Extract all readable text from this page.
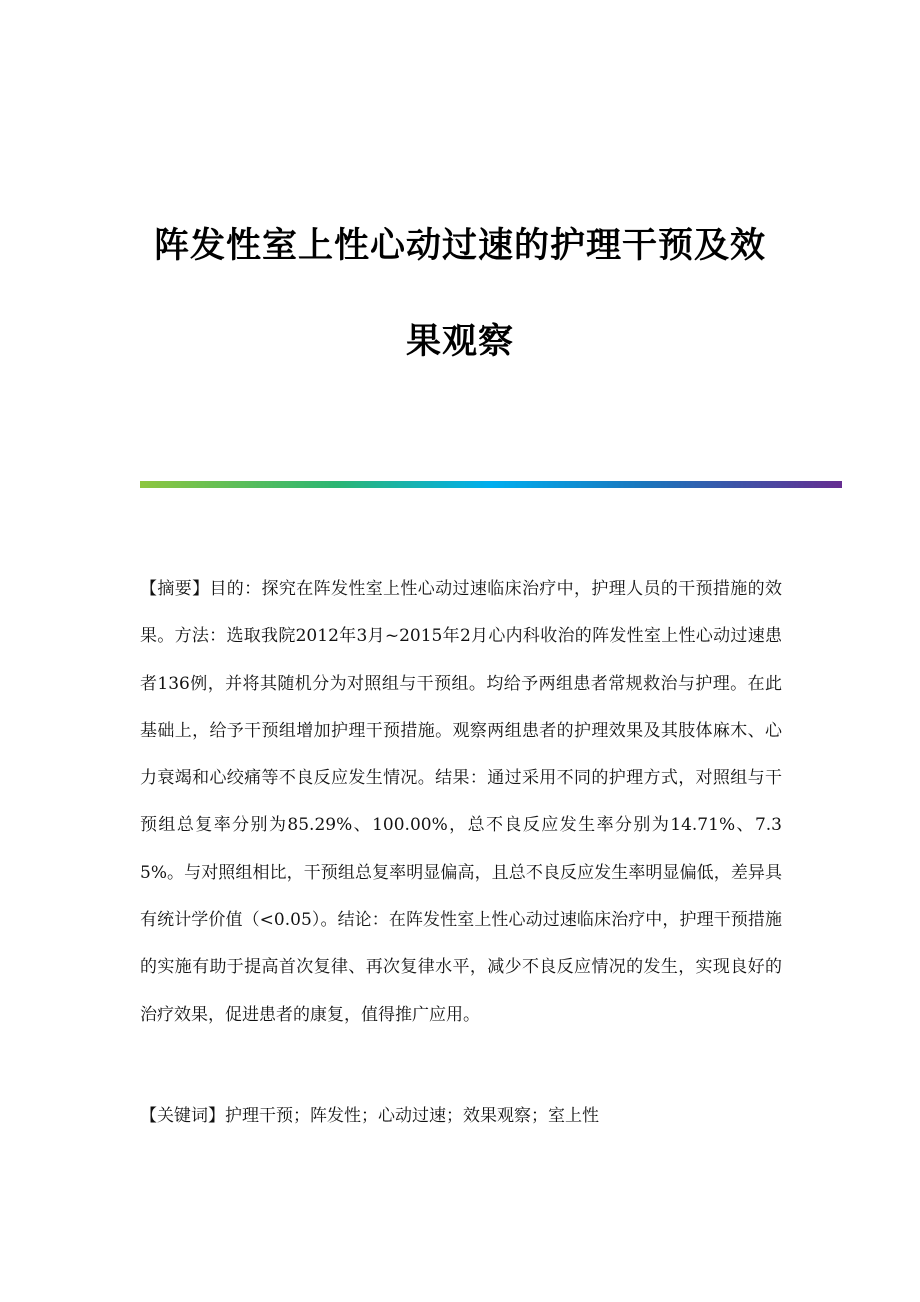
阵发性室上性心动过速的护理干预及效
果观察

【摘要】目的：探究在阵发性室上性心动过速临床治疗中，护理人员的干预措施的效果。方法：选取我院2012年3月~2015年2月心内科收治的阵发性室上性心动过速患者136例，并将其随机分为对照组与干预组。均给予两组患者常规救治与护理。在此基础上，给予干预组增加护理干预措施。观察两组患者的护理效果及其肢体麻木、心力衰竭和心绞痛等不良反应发生情况。结果：通过采用不同的护理方式，对照组与干预组总复率分别为85.29%、100.00%，总不良反应发生率分别为14.71%、7.35%。与对照组相比，干预组总复率明显偏高，且总不良反应发生率明显偏低，差异具有统计学价值（<0.05）。结论：在阵发性室上性心动过速临床治疗中，护理干预措施的实施有助于提高首次复律、再次复律水平，减少不良反应情况的发生，实现良好的治疗效果，促进患者的康复，值得推广应用。

【关键词】护理干预；阵发性；心动过速；效果观察；室上性
